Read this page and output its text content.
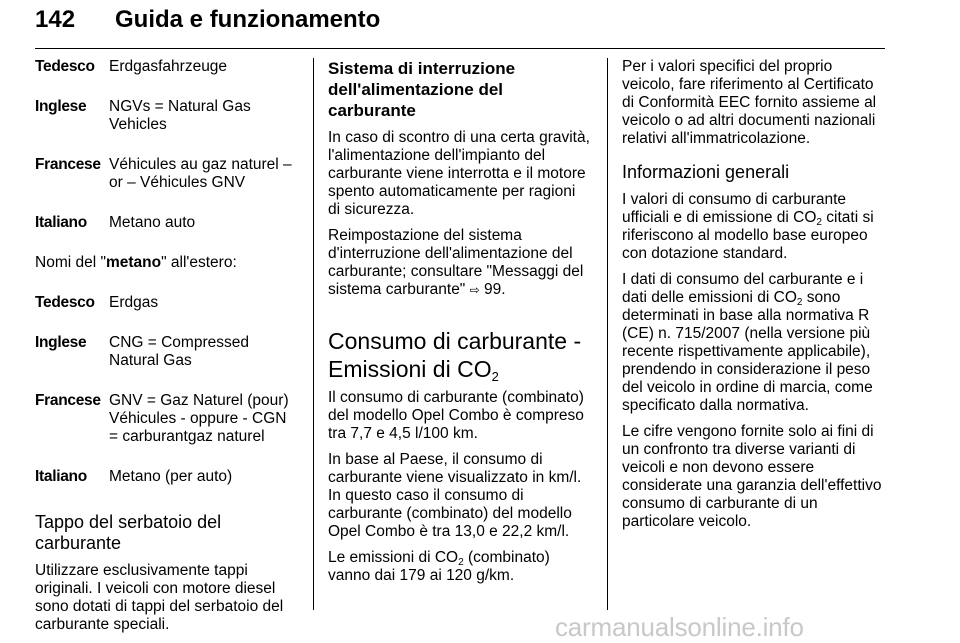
142 Guida e funzionamento
Tedesco Erdgasfahrzeuge
Inglese	NGVs = Natural Gas Vehicles
Francese Véhicules au gaz naturel – or – Véhicules GNV
Italiano	Metano auto

Nomi del "metano" all'estero:

Tedesco Erdgas
Inglese	CNG = Compressed Natural Gas
Francese GNV = Gaz Naturel (pour) Véhicules - oppure - CGN = carburantgaz naturel
Italiano	Metano (per auto)
Tappo del serbatoio del carburante

Utilizzare esclusivamente tappi originali. I veicoli con motore diesel sono dotati di tappi del serbatoio del carburante speciali.

Sistema di interruzione dell'alimentazione del carburante

In caso di scontro di una certa gravità, l'alimentazione dell'impianto del carburante viene interrotta e il motore spento automaticamente per ragioni di sicurezza.

Reimpostazione del sistema d'interruzione dell'alimentazione del carburante; consultare "Messaggi del sistema carburante" ⇨ 99.

Consumo di carburante - Emissioni di $CO_2$

Il consumo di carburante (combinato) del modello Opel Combo è compreso tra 7,7 e 4,5 l/100 km.

In base al Paese, il consumo di carburante viene visualizzato in km/l. In questo caso il consumo di carburante (combinato) del modello Opel Combo è tra 13,0 e 22,2 km/l.

Le emissioni di $CO_2$ (combinato) vanno dai 179 ai 120 g/km.

Per i valori specifici del proprio veicolo, fare riferimento al Certificato di Conformità EEC fornito assieme al veicolo o ad altri documenti nazionali relativi all'immatricolazione.

Informazioni generali

I valori di consumo di carburante ufficiali e di emissione di $CO_2$ citati si riferiscono al modello base europeo con dotazione standard.

I dati di consumo del carburante e i dati delle emissioni di $CO_2$ sono determinati in base alla normativa R (CE) n. 715/2007 (nella versione più recente rispettivamente applicabile), prendendo in considerazione il peso del veicolo in ordine di marcia, come specificato dalla normativa.

Le cifre vengono fornite solo ai fini di un confronto tra diverse varianti di veicoli e non devono essere considerate una garanzia dell'effettivo consumo di carburante di un particolare veicolo.

carmanualsonline.info
